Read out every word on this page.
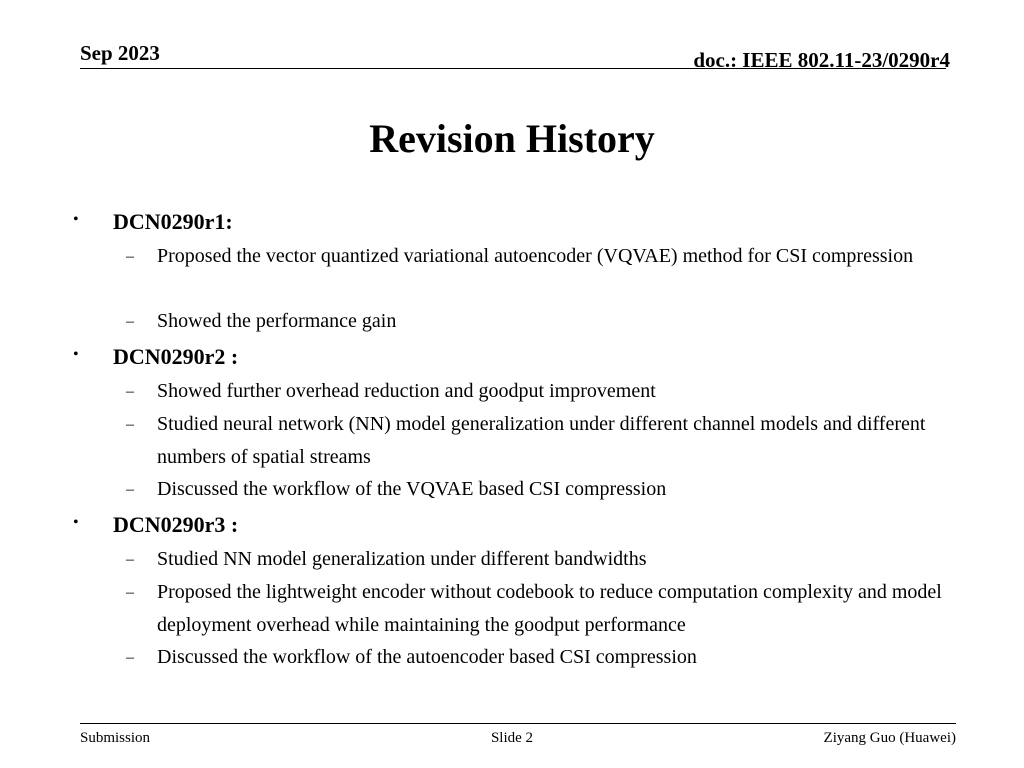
Sep 2023	doc.: IEEE 802.11-23/0290r4
Revision History
• DCN0290r1:
– Proposed the vector quantized variational autoencoder (VQVAE) method for CSI compression
– Showed the performance gain
• DCN0290r2 :
– Showed further overhead reduction and goodput improvement
– Studied neural network (NN) model generalization under different channel models and different numbers of spatial streams
– Discussed the workflow of the VQVAE based CSI compression
• DCN0290r3 :
– Studied NN model generalization under different bandwidths
– Proposed the lightweight encoder without codebook to reduce computation complexity and model deployment overhead while maintaining the goodput performance
– Discussed the workflow of the autoencoder based CSI compression
Submission	Slide 2	Ziyang Guo (Huawei)
